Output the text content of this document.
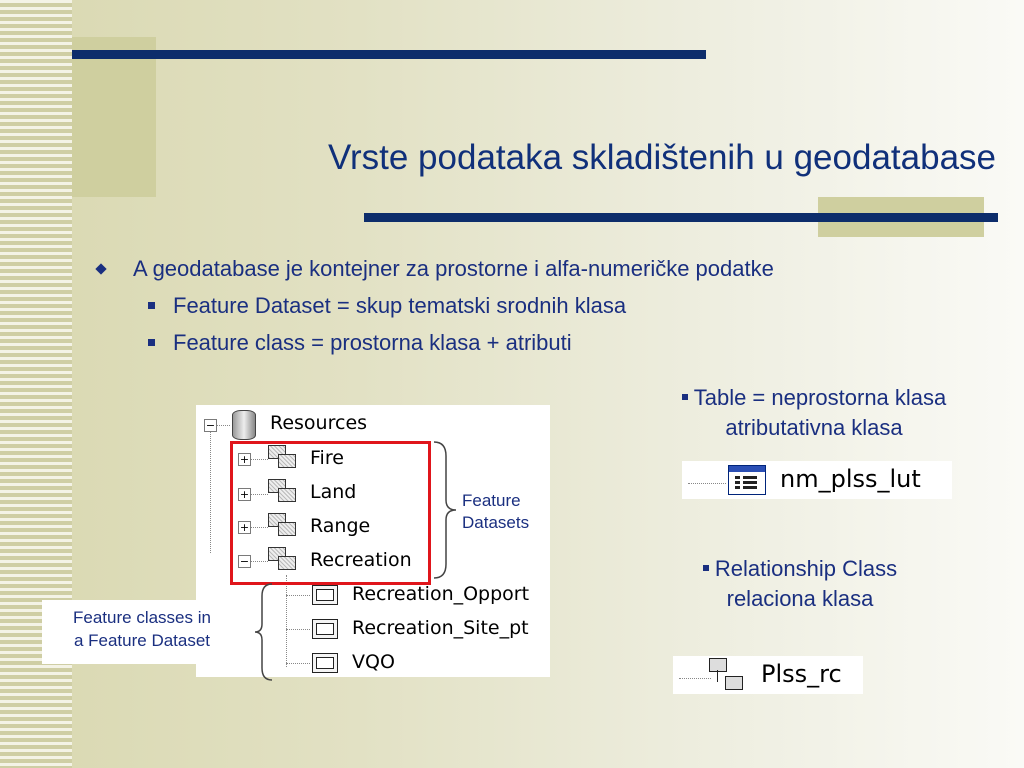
Vrste podataka skladištenih u geodatabase
A geodatabase je kontejner za prostorne i alfa-numeričke podatke
Feature Dataset = skup tematski srodnih klasa
Feature class = prostorna klasa + atributi
Table = neprostorna klasa
atributativna klasa
Relationship Class
relaciona klasa
−	Resources
+	Fire
+	Land
+	Range
−	Recreation
Recreation_Opport
Recreation_Site_pt
VQO
Feature
Datasets
Feature classes in
a Feature Dataset
nm_plss_lut
Plss_rc
